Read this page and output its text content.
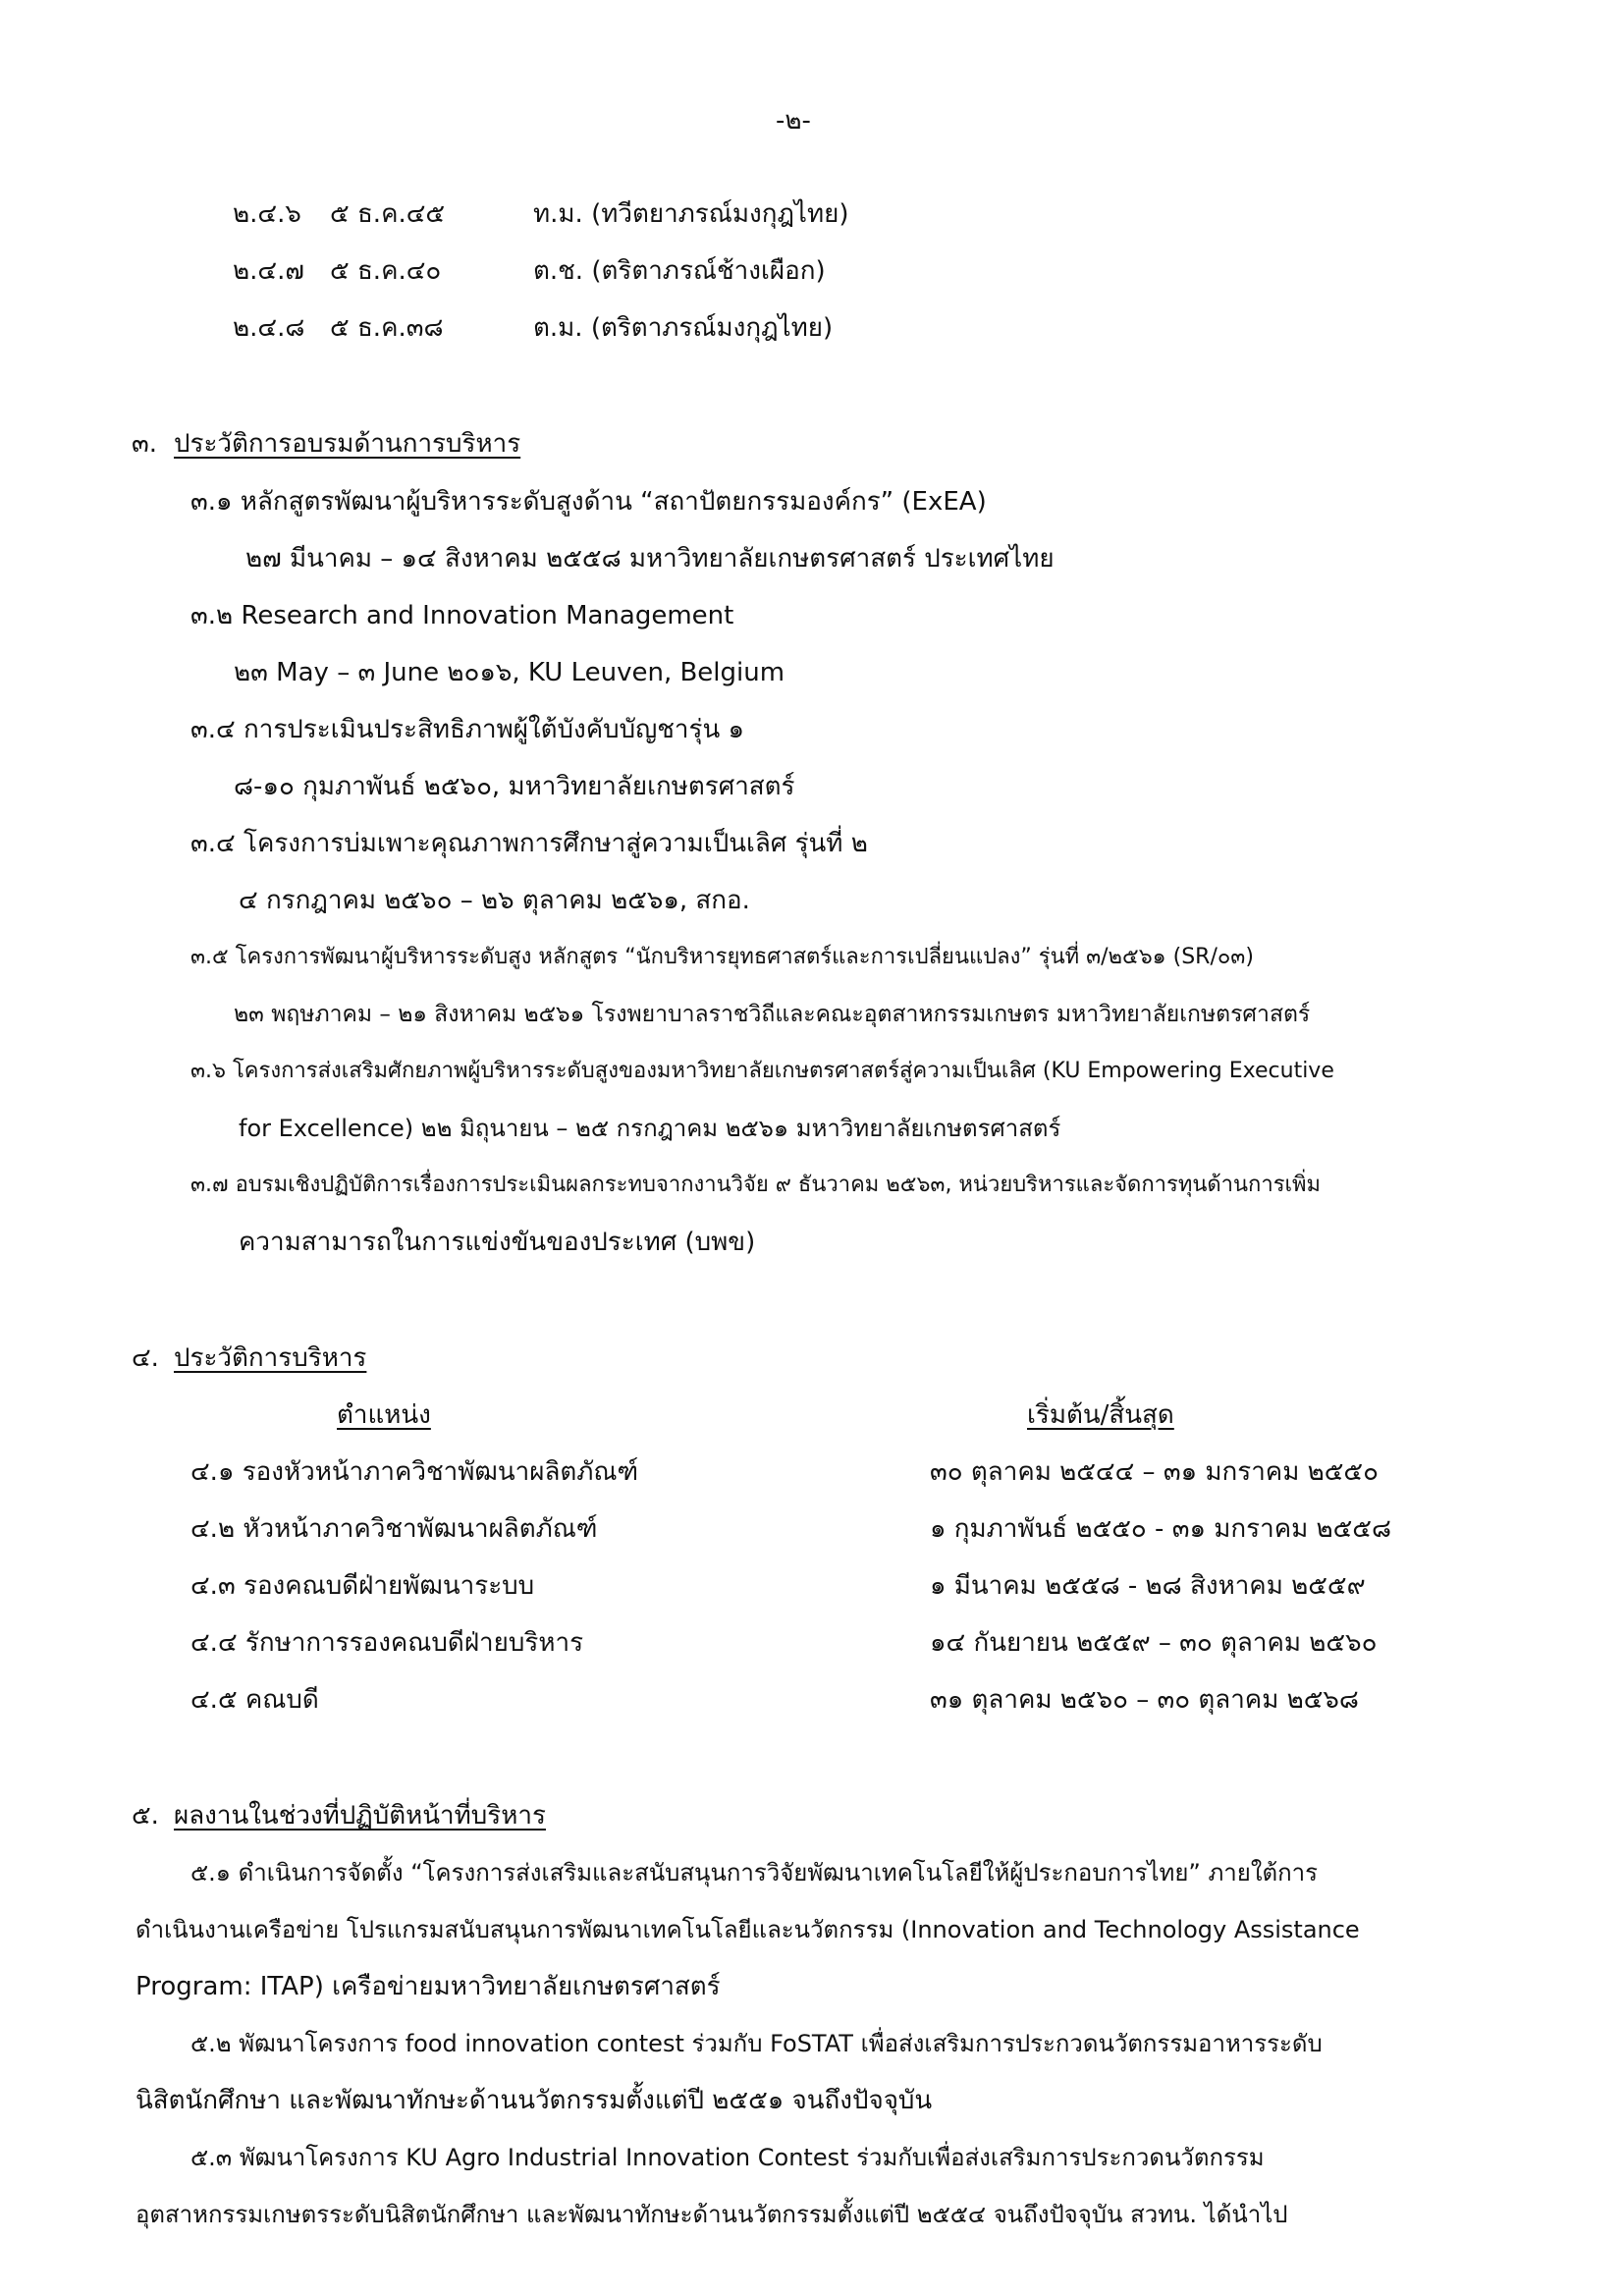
-๒-
๒.๔.๖ ๕ ธ.ค.๔๕	ท.ม. (ทวีตยาภรณ์มงกุฎไทย)
๒.๔.๗ ๕ ธ.ค.๔๐	ต.ช. (ตริตาภรณ์ช้างเผือก)
๒.๔.๘ ๕ ธ.ค.๓๘	ต.ม. (ตริตาภรณ์มงกุฎไทย)
๓. ประวัติการอบรมด้านการบริหาร
๓.๑ หลักสูตรพัฒนาผู้บริหารระดับสูงด้าน “สถาปัตยกรรมองค์กร” (ExEA)
๒๗ มีนาคม – ๑๔ สิงหาคม ๒๕๕๘ มหาวิทยาลัยเกษตรศาสตร์ ประเทศไทย
๓.๒ Research and Innovation Management
๒๓ May – ๓ June ๒๐๑๖, KU Leuven, Belgium
๓.๔ การประเมินประสิทธิภาพผู้ใต้บังคับบัญชารุ่น ๑
๘-๑๐ กุมภาพันธ์ ๒๕๖๐, มหาวิทยาลัยเกษตรศาสตร์
๓.๔ โครงการบ่มเพาะคุณภาพการศึกษาสู่ความเป็นเลิศ รุ่นที่ ๒
๔ กรกฎาคม ๒๕๖๐ – ๒๖ ตุลาคม ๒๕๖๑, สกอ.
๓.๕ โครงการพัฒนาผู้บริหารระดับสูง หลักสูตร “นักบริหารยุทธศาสตร์และการเปลี่ยนแปลง” รุ่นที่ ๓/๒๕๖๑ (SR/๐๓)
๒๓ พฤษภาคม – ๒๑ สิงหาคม ๒๕๖๑ โรงพยาบาลราชวิถีและคณะอุตสาหกรรมเกษตร มหาวิทยาลัยเกษตรศาสตร์
๓.๖ โครงการส่งเสริมศักยภาพผู้บริหารระดับสูงของมหาวิทยาลัยเกษตรศาสตร์สู่ความเป็นเลิศ (KU Empowering Executive
for Excellence) ๒๒ มิถุนายน – ๒๕ กรกฎาคม ๒๕๖๑ มหาวิทยาลัยเกษตรศาสตร์
๓.๗ อบรมเชิงปฏิบัติการเรื่องการประเมินผลกระทบจากงานวิจัย ๙ ธันวาคม ๒๕๖๓, หน่วยบริหารและจัดการทุนด้านการเพิ่ม
ความสามารถในการแข่งขันของประเทศ (บพข)
๔. ประวัติการบริหาร
ตำแหน่ง	เริ่มต้น/สิ้นสุด
๔.๑ รองหัวหน้าภาควิชาพัฒนาผลิตภัณฑ์	๓๐ ตุลาคม ๒๕๔๔ – ๓๑ มกราคม ๒๕๕๐
๔.๒ หัวหน้าภาควิชาพัฒนาผลิตภัณฑ์	๑ กุมภาพันธ์ ๒๕๕๐ - ๓๑ มกราคม ๒๕๕๘
๔.๓ รองคณบดีฝ่ายพัฒนาระบบ	๑ มีนาคม ๒๕๕๘ - ๒๘ สิงหาคม ๒๕๕๙
๔.๔ รักษาการรองคณบดีฝ่ายบริหาร	๑๔ กันยายน ๒๕๕๙ – ๓๐ ตุลาคม ๒๕๖๐
๔.๕ คณบดี	๓๑ ตุลาคม ๒๕๖๐ – ๓๐ ตุลาคม ๒๕๖๘
๕. ผลงานในช่วงที่ปฏิบัติหน้าที่บริหาร
๕.๑ ดำเนินการจัดตั้ง “โครงการส่งเสริมและสนับสนุนการวิจัยพัฒนาเทคโนโลยีให้ผู้ประกอบการไทย” ภายใต้การ
ดำเนินงานเครือข่าย โปรแกรมสนับสนุนการพัฒนาเทคโนโลยีและนวัตกรรม (Innovation and Technology Assistance
Program: ITAP) เครือข่ายมหาวิทยาลัยเกษตรศาสตร์
๕.๒ พัฒนาโครงการ food innovation contest ร่วมกับ FoSTAT เพื่อส่งเสริมการประกวดนวัตกรรมอาหารระดับ
นิสิตนักศึกษา และพัฒนาทักษะด้านนวัตกรรมตั้งแต่ปี ๒๕๕๑ จนถึงปัจจุบัน
๕.๓ พัฒนาโครงการ KU Agro Industrial Innovation Contest ร่วมกับเพื่อส่งเสริมการประกวดนวัตกรรม
อุตสาหกรรมเกษตรระดับนิสิตนักศึกษา และพัฒนาทักษะด้านนวัตกรรมตั้งแต่ปี ๒๕๕๔ จนถึงปัจจุบัน สวทน. ได้นำไป
